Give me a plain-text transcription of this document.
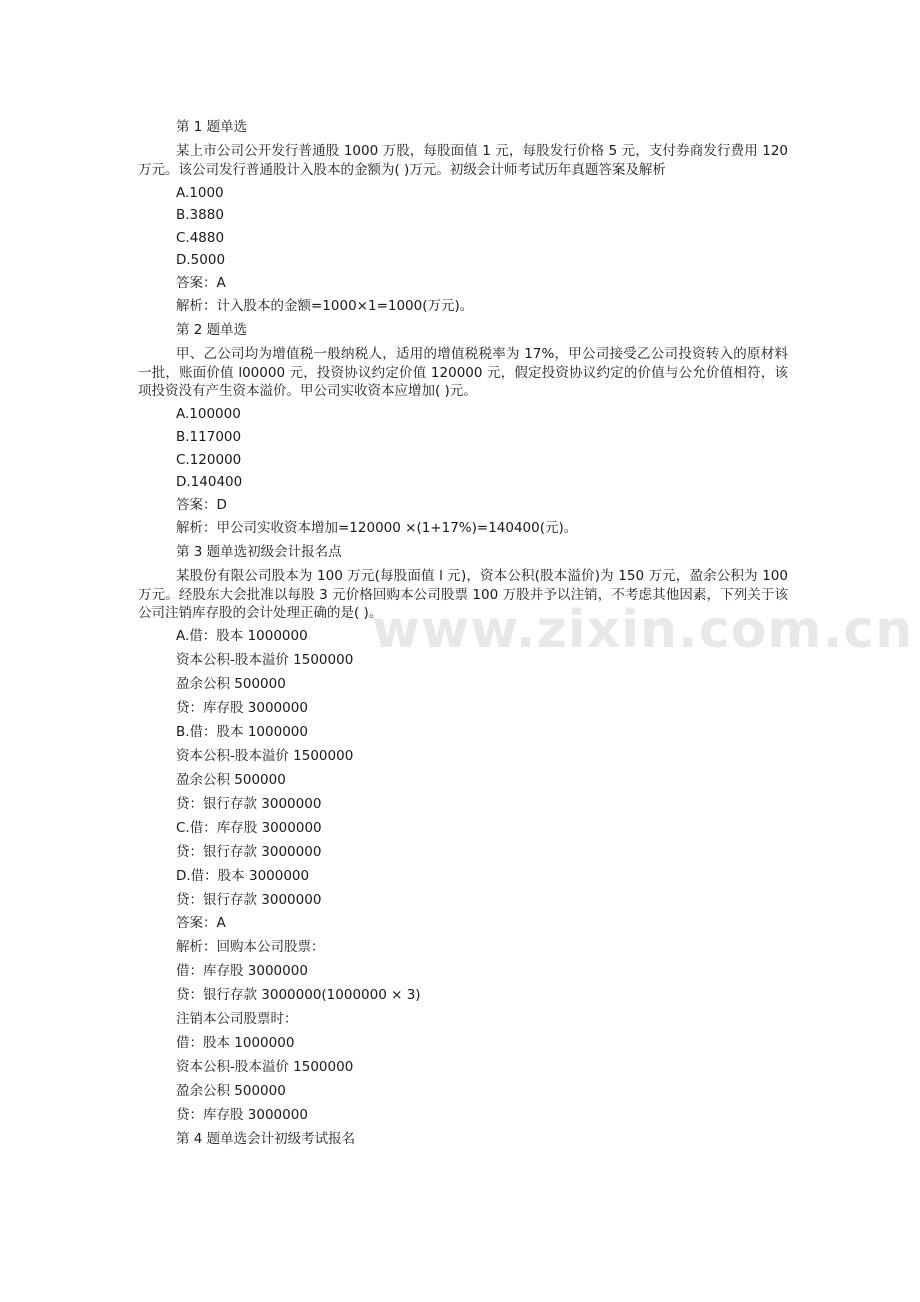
www.zixin.com.cn
第 1 题单选
某上市公司公开发行普通股 1000 万股，每股面值 1 元，每股发行价格 5 元，支付券商发行费用 120 万元。该公司发行普通股计入股本的金额为( )万元。初级会计师考试历年真题答案及解析
A.1000
B.3880
C.4880
D.5000
答案：A
解析：计入股本的金额=1000×1=1000(万元)。
第 2 题单选
甲、乙公司均为增值税一般纳税人，适用的增值税税率为 17%，甲公司接受乙公司投资转入的原材料一批，账面价值 l00000 元，投资协议约定价值 120000 元，假定投资协议约定的价值与公允价值相符，该项投资没有产生资本溢价。甲公司实收资本应增加( )元。
A.100000
B.117000
C.120000
D.140400
答案：D
解析：甲公司实收资本增加=120000 ×(1+17%)=140400(元)。
第 3 题单选初级会计报名点
某股份有限公司股本为 100 万元(每股面值 l 元)，资本公积(股本溢价)为 150 万元，盈余公积为 100 万元。经股东大会批准以每股 3 元价格回购本公司股票 100 万股并予以注销，不考虑其他因素，下列关于该公司注销库存股的会计处理正确的是( )。
A.借：股本 1000000
资本公积-股本溢价 1500000
盈余公积 500000
贷：库存股 3000000
B.借：股本 1000000
资本公积-股本溢价 1500000
盈余公积 500000
贷：银行存款 3000000
C.借：库存股 3000000
贷：银行存款 3000000
D.借：股本 3000000
贷：银行存款 3000000
答案：A
解析：回购本公司股票：
借：库存股 3000000
贷：银行存款 3000000(1000000 × 3)
注销本公司股票时：
借：股本 1000000
资本公积-股本溢价 1500000
盈余公积 500000
贷：库存股 3000000
第 4 题单选会计初级考试报名
